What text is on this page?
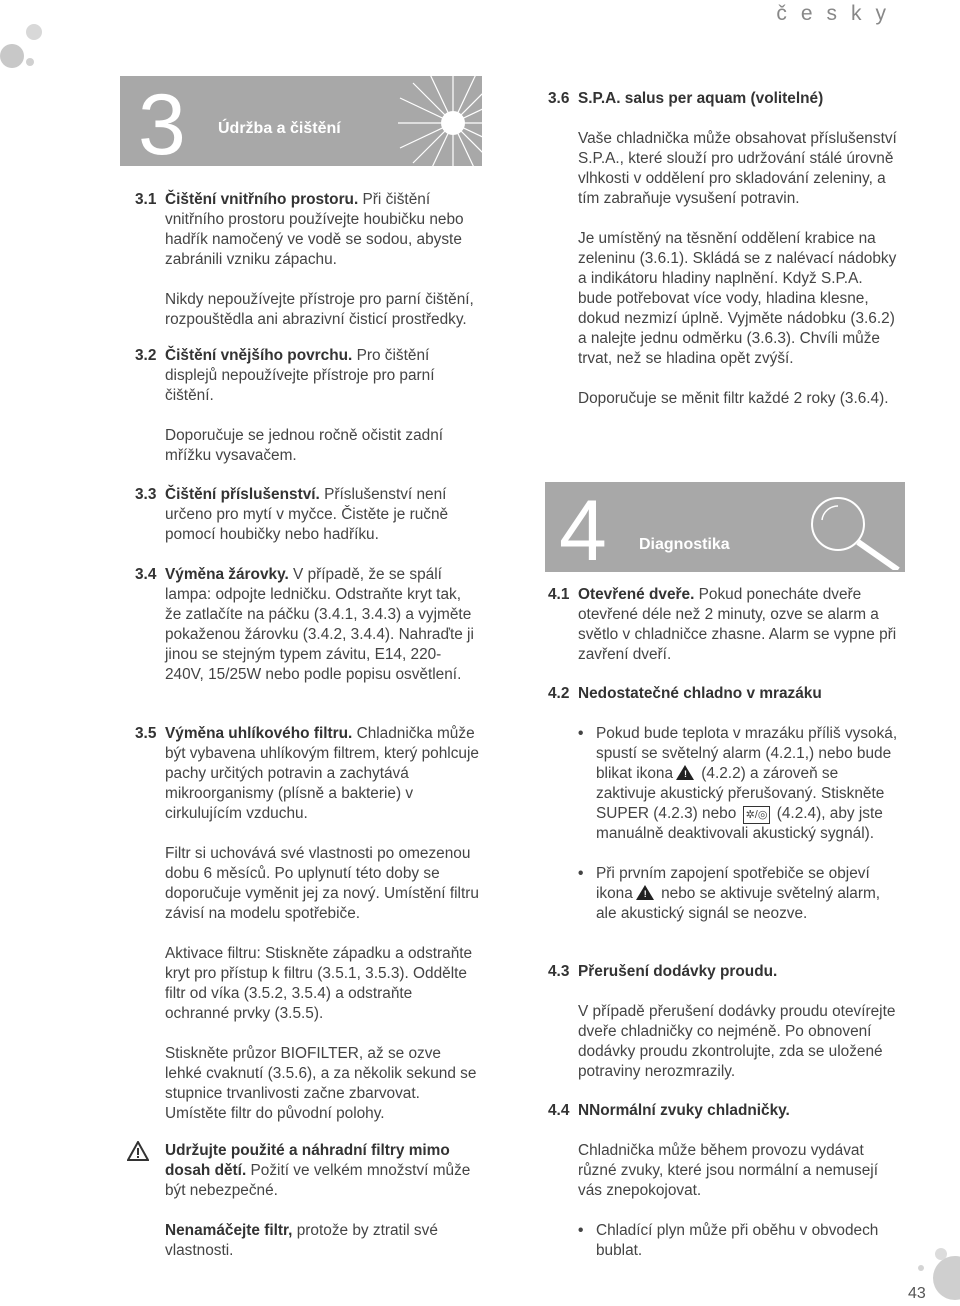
česky
3 Údržba a čištění
3.1 Čištění vnitřního prostoru. Při čištění vnitřního prostoru používejte houbičku nebo hadřík namočený ve vodě se sodou, abyste zabránili vzniku zápachu.

Nikdy nepoužívejte přístroje pro parní čištění, rozpouštědla ani abrazivní čisticí prostředky.

3.2 Čištění vnějšího povrchu. Pro čištění displejů nepoužívejte přístroje pro parní čištění.

Doporučuje se jednou ročně očistit zadní mřížku vysavačem.

3.3 Čištění příslušenství. Příslušenství není určeno pro mytí v myčce. Čistěte je ručně pomocí houbičky nebo hadříku.

3.4 Výměna žárovky. V případě, že se spálí lampa: odpojte ledničku. Odstraňte kryt tak, že zatlačíte na páčku (3.4.1, 3.4.3) a vyjměte pokaženou žárovku (3.4.2, 3.4.4). Nahraďte ji jinou se stejným typem závitu, E14, 220-240V, 15/25W nebo podle popisu osvětlení.

3.5 Výměna uhlíkového filtru. Chladnička může být vybavena uhlíkovým filtrem, který pohlcuje pachy určitých potravin a zachytává mikroorganismy (plísně a bakterie) v cirkulujícím vzduchu.

Filtr si uchovává své vlastnosti po omezenou dobu 6 měsíců. Po uplynutí této doby se doporučuje vyměnit jej za nový. Umístění filtru závisí na modelu spotřebiče.

Aktivace filtru: Stiskněte západku a odstraňte kryt pro přístup k filtru (3.5.1, 3.5.3). Oddělte filtr od víka (3.5.2, 3.5.4) a odstraňte ochranné prvky (3.5.5).

Stiskněte průzor BIOFILTER, až se ozve lehké cvaknutí (3.5.6), a za několik sekund se stupnice trvanlivosti začne zbarvovat. Umístěte filtr do původní polohy.

Udržujte použité a náhradní filtry mimo dosah dětí. Požití ve velkém množství může být nebezpečné.

Nenamáčejte filtr, protože by ztratil své vlastnosti.

3.6 S.P.A. salus per aquam (volitelné)

Vaše chladnička může obsahovat příslušenství S.P.A., které slouží pro udržování stálé úrovně vlhkosti v oddělení pro skladování zeleniny, a tím zabraňuje vysušení potravin.

Je umístěný na těsnění oddělení krabice na zeleninu (3.6.1). Skládá se z nalévací nádobky a indikátoru hladiny naplnění. Když S.P.A. bude potřebovat více vody, hladina klesne, dokud nezmizí úplně. Vyjměte nádobku (3.6.2) a nalejte jednu odměrku (3.6.3). Chvíli může trvat, než se hladina opět zvýší.

Doporučuje se měnit filtr každé 2 roky (3.6.4).

4 Diagnostika
4.1 Otevřené dveře. Pokud ponecháte dveře otevřené déle než 2 minuty, ozve se alarm a světlo v chladničce zhasne. Alarm se vypne při zavření dveří.

4.2 Nedostatečné chladno v mrazáku

• Pokud bude teplota v mrazáku příliš vysoká, spustí se světelný alarm (4.2.1,) nebo bude blikat ikona ! (4.2.2) a zároveň se zaktivuje akustický přerušovaný. Stiskněte SUPER (4.2.3) nebo ✲/◎ (4.2.4), aby jste manuálně deaktivovali akustický sygnál).
• Při prvním zapojení spotřebiče se objeví ikona ! nebo se aktivuje světelný alarm, ale akustický signál se neozve.
4.3 Přerušení dodávky proudu.

V případě přerušení dodávky proudu otevírejte dveře chladničky co nejméně. Po obnovení dodávky proudu zkontrolujte, zda se uložené potraviny nerozmrazily.

4.4 NNormální zvuky chladničky.

Chladnička může během provozu vydávat různé zvuky, které jsou normální a nemusejí vás znepokojovat.

• Chladící plyn může při oběhu v obvodech bublat.
43
